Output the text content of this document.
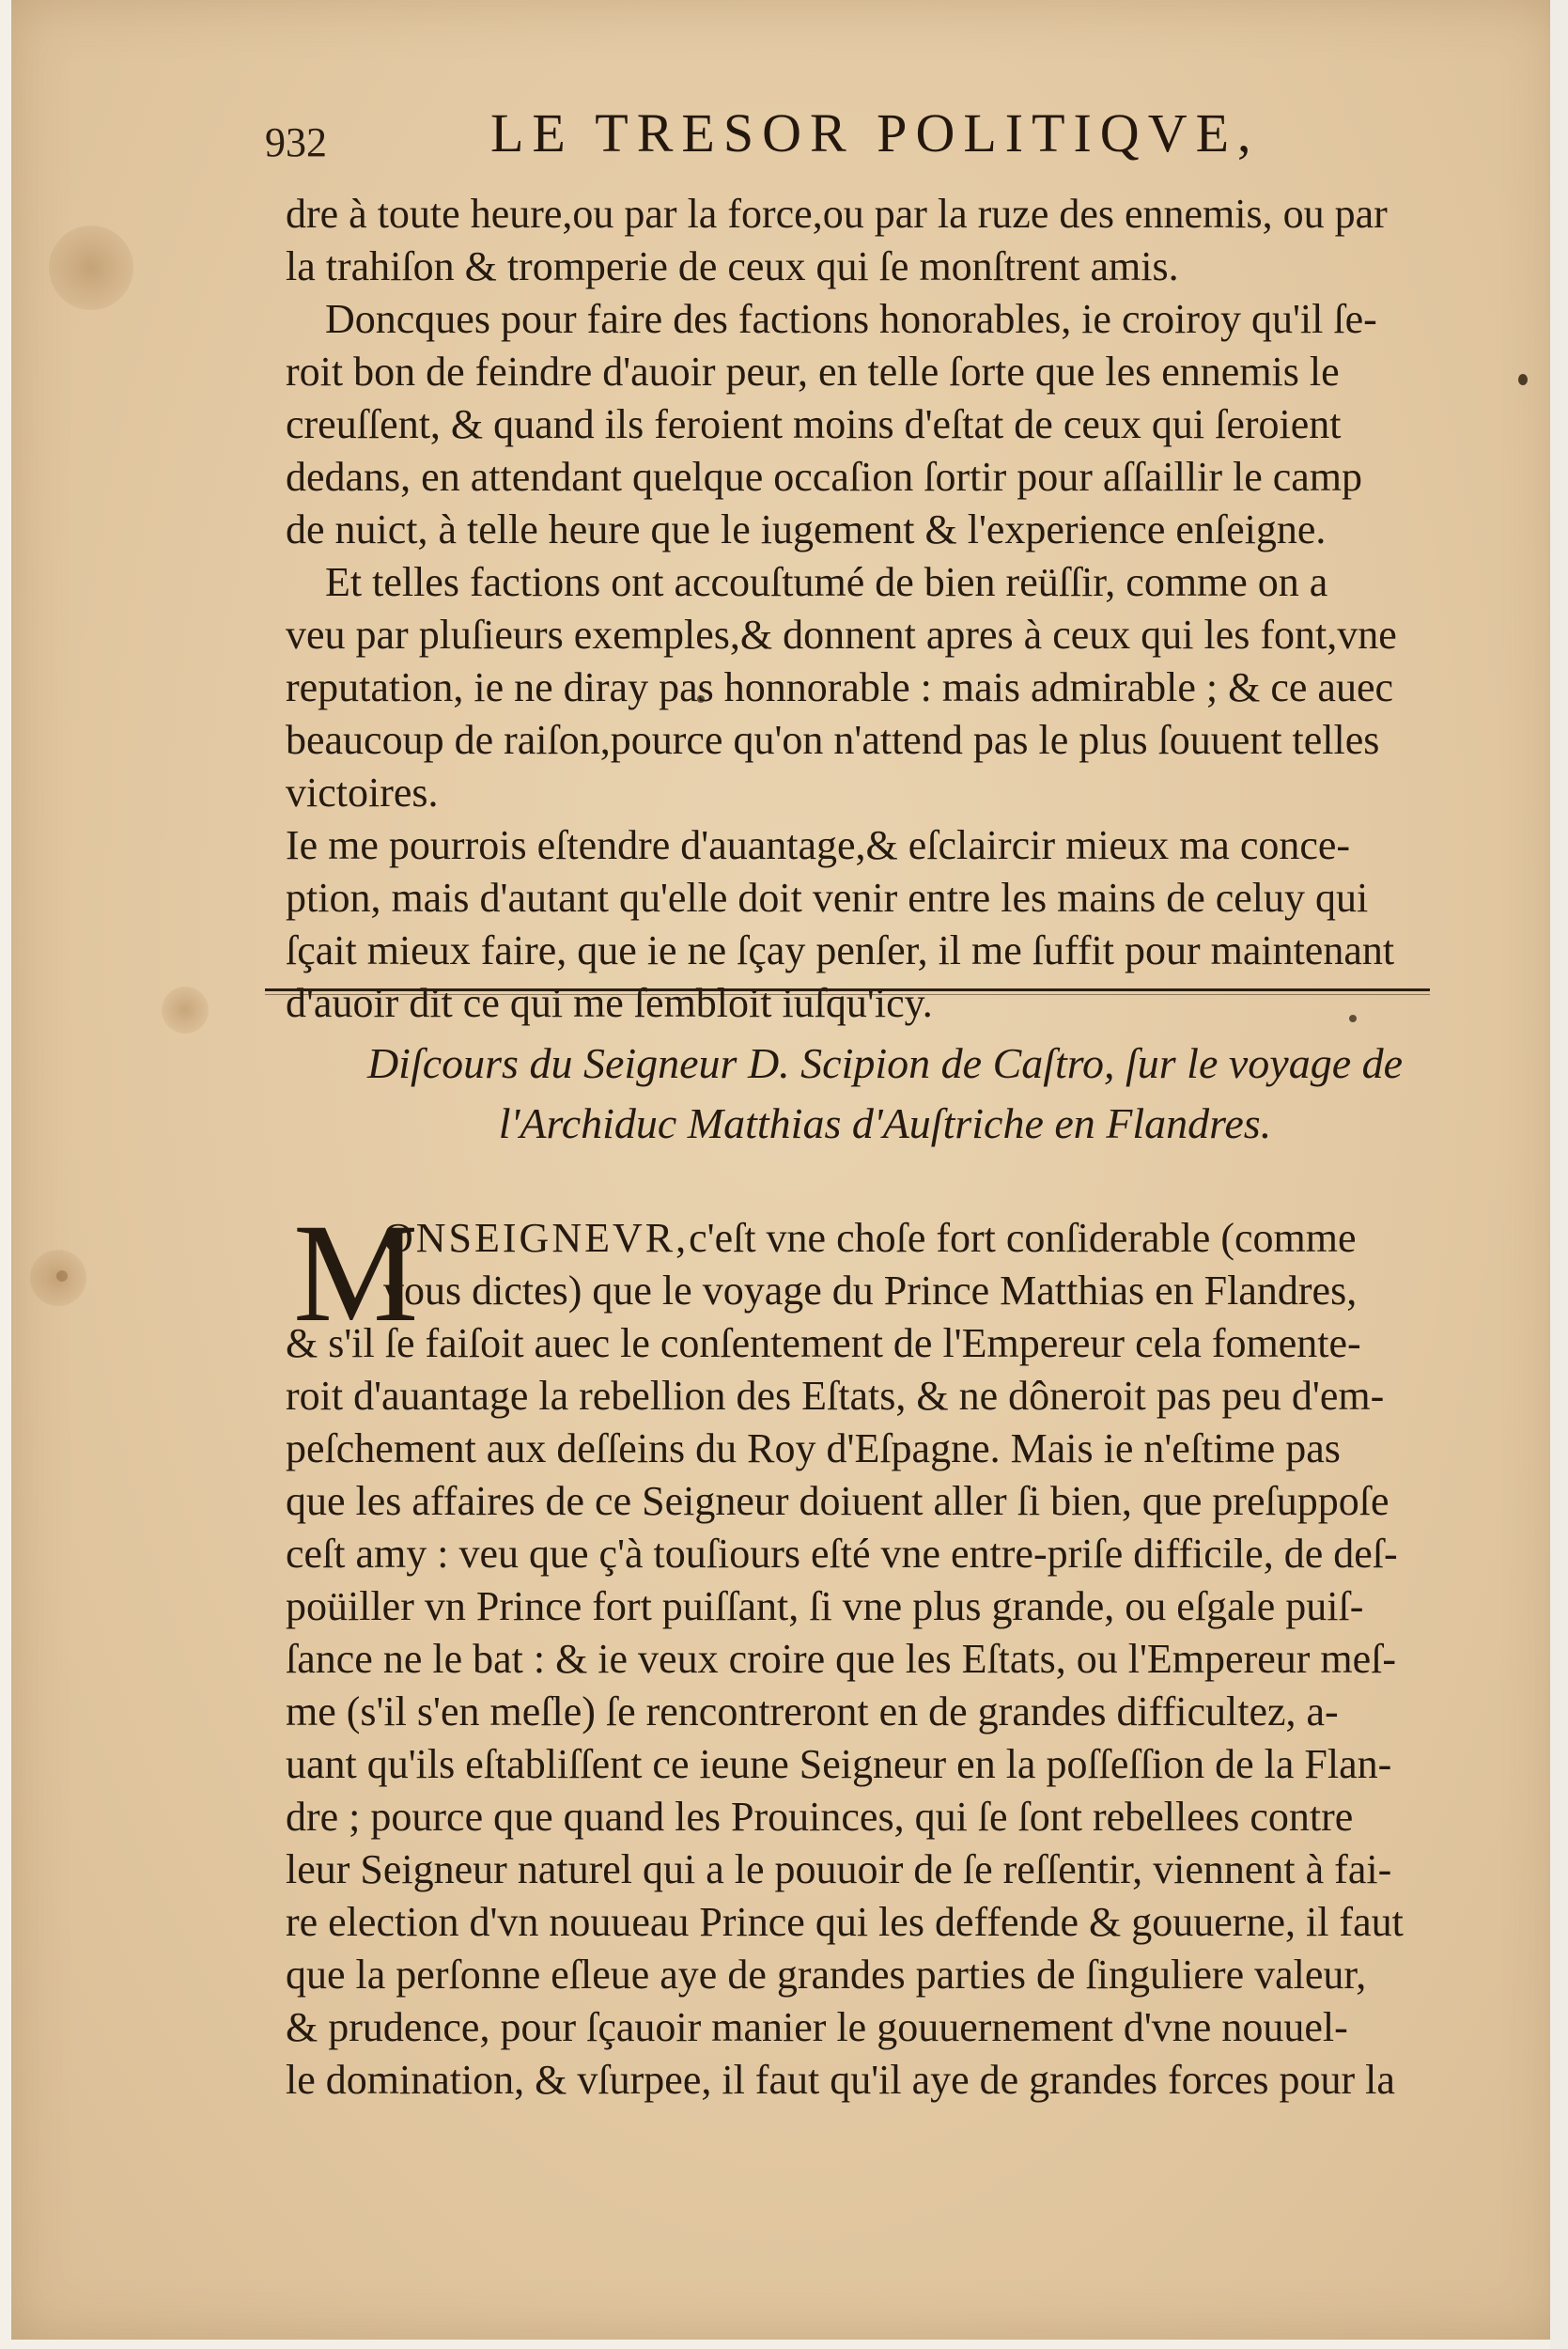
932	LE TRESOR POLITIQVE,
dre à toute heure,ou par la force,ou par la ruze des ennemis, ou par
la trahiſon & tromperie de ceux qui ſe monſtrent amis.
Doncques pour faire des factions honorables, ie croiroy qu'il ſe-
roit bon de feindre d'auoir peur, en telle ſorte que les ennemis le
creuſſent, & quand ils feroient moins d'eſtat de ceux qui ſeroient
dedans, en attendant quelque occaſion ſortir pour aſſaillir le camp
de nuict, à telle heure que le iugement & l'experience enſeigne.
Et telles factions ont accouſtumé de bien reüſſir, comme on a
veu par pluſieurs exemples,& donnent apres à ceux qui les font,vne
reputation, ie ne diray pas honnorable : mais admirable ; & ce auec
beaucoup de raiſon,pource qu'on n'attend pas le plus ſouuent telles
victoires.
Ie me pourrois eſtendre d'auantage,& eſclaircir mieux ma conce-
ption, mais d'autant qu'elle doit venir entre les mains de celuy qui
ſçait mieux faire, que ie ne ſçay penſer, il me ſuffit pour maintenant
d'auoir dit ce qui me ſembloit iuſqu'icy.
Diſcours du Seigneur D. Scipion de Caſtro, ſur le voyage de
l'Archiduc Matthias d'Auſtriche en Flandres.
M
ONSEIGNEVR,c'eſt vne choſe fort conſiderable (comme
vous dictes) que le voyage du Prince Matthias en Flandres,
& s'il ſe faiſoit auec le conſentement de l'Empereur cela fomente-
roit d'auantage la rebellion des Eſtats, & ne dôneroit pas peu d'em-
peſchement aux deſſeins du Roy d'Eſpagne. Mais ie n'eſtime pas
que les affaires de ce Seigneur doiuent aller ſi bien, que preſuppoſe
ceſt amy : veu que ç'à touſiours eſté vne entre-priſe difficile, de deſ-
poüiller vn Prince fort puiſſant, ſi vne plus grande, ou eſgale puiſ-
ſance ne le bat : & ie veux croire que les Eſtats, ou l'Empereur meſ-
me (s'il s'en meſle) ſe rencontreront en de grandes difficultez, a-
uant qu'ils eſtabliſſent ce ieune Seigneur en la poſſeſſion de la Flan-
dre ; pource que quand les Prouinces, qui ſe ſont rebellees contre
leur Seigneur naturel qui a le pouuoir de ſe reſſentir, viennent à fai-
re election d'vn nouueau Prince qui les deffende & gouuerne, il faut
que la perſonne eſleue aye de grandes parties de ſinguliere valeur,
& prudence, pour ſçauoir manier le gouuernement d'vne nouuel-
le domination, & vſurpee, il faut qu'il aye de grandes forces pour la
